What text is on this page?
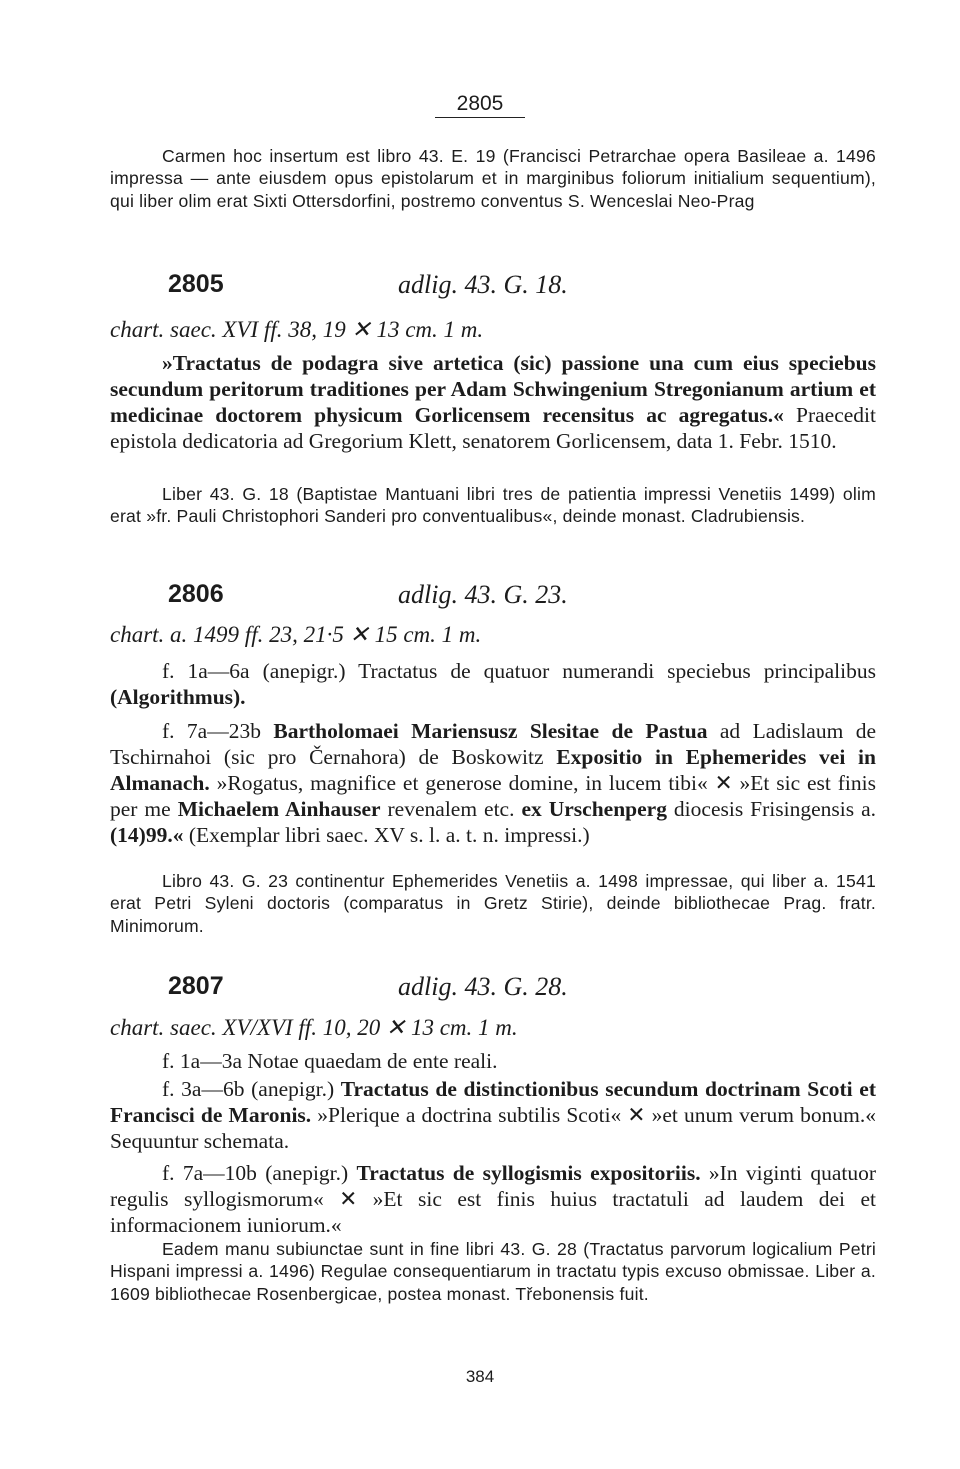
2805

Carmen hoc insertum est libro 43. E. 19 (Francisci Petrarchae opera Basileae a. 1496 impressa — ante eiusdem opus epistolarum et in marginibus foliorum initialium sequentium), qui liber olim erat Sixti Ottersdorfini, postremo conventus S. Wenceslai Neo-Prag

2805	adlig. 43. G. 18.
chart. saec. XVI ff. 38, 19 ✕ 13 cm. 1 m.

»Tractatus de podagra sive artetica (sic) passione una cum eius speciebus secundum peritorum traditiones per Adam Schwingenium Stregonianum artium et medicinae doctorem physicum Gorlicensem recensitus ac agregatus.« Praecedit epistola dedicatoria ad Gregorium Klett, senatorem Gorlicensem, data 1. Febr. 1510.

Liber 43. G. 18 (Baptistae Mantuani libri tres de patientia impressi Venetiis 1499) olim erat »fr. Pauli Christophori Sanderi pro conventualibus«, deinde monast. Cladrubiensis.

2806	adlig. 43. G. 23.
chart. a. 1499 ff. 23, 21·5 ✕ 15 cm. 1 m.

f. 1a—6a (anepigr.) Tractatus de quatuor numerandi speciebus principalibus (Algorithmus).

f. 7a—23b Bartholomaei Mariensusz Slesitae de Pastua ad Ladislaum de Tschirnahoi (sic pro Černahora) de Boskowitz Expositio in Ephemerides vei in Almanach. »Rogatus, magnifice et generose domine, in lucem tibi« ✕ »Et sic est finis per me Michaelem Ainhauser revenalem etc. ex Urschenperg diocesis Frisingensis a. (14)99.« (Exemplar libri saec. XV s. l. a. t. n. impressi.)

Libro 43. G. 23 continentur Ephemerides Venetiis a. 1498 impressae, qui liber a. 1541 erat Petri Syleni doctoris (comparatus in Gretz Stirie), deinde bibliothecae Prag. fratr. Minimorum.

2807	adlig. 43. G. 28.
chart. saec. XV/XVI ff. 10, 20 ✕ 13 cm. 1 m.

f. 1a—3a Notae quaedam de ente reali.

f. 3a—6b (anepigr.) Tractatus de distinctionibus secundum doctrinam Scoti et Francisci de Maronis. »Plerique a doctrina subtilis Scoti« ✕ »et unum verum bonum.« Sequuntur schemata.

f. 7a—10b (anepigr.) Tractatus de syllogismis expositoriis. »In viginti quatuor regulis syllogismorum« ✕ »Et sic est finis huius tractatuli ad laudem dei et informacionem iuniorum.«

Eadem manu subiunctae sunt in fine libri 43. G. 28 (Tractatus parvorum logicalium Petri Hispani impressi a. 1496) Regulae consequentiarum in tractatu typis excuso obmissae. Liber a. 1609 bibliothecae Rosenbergicae, postea monast. Třebonensis fuit.

384
